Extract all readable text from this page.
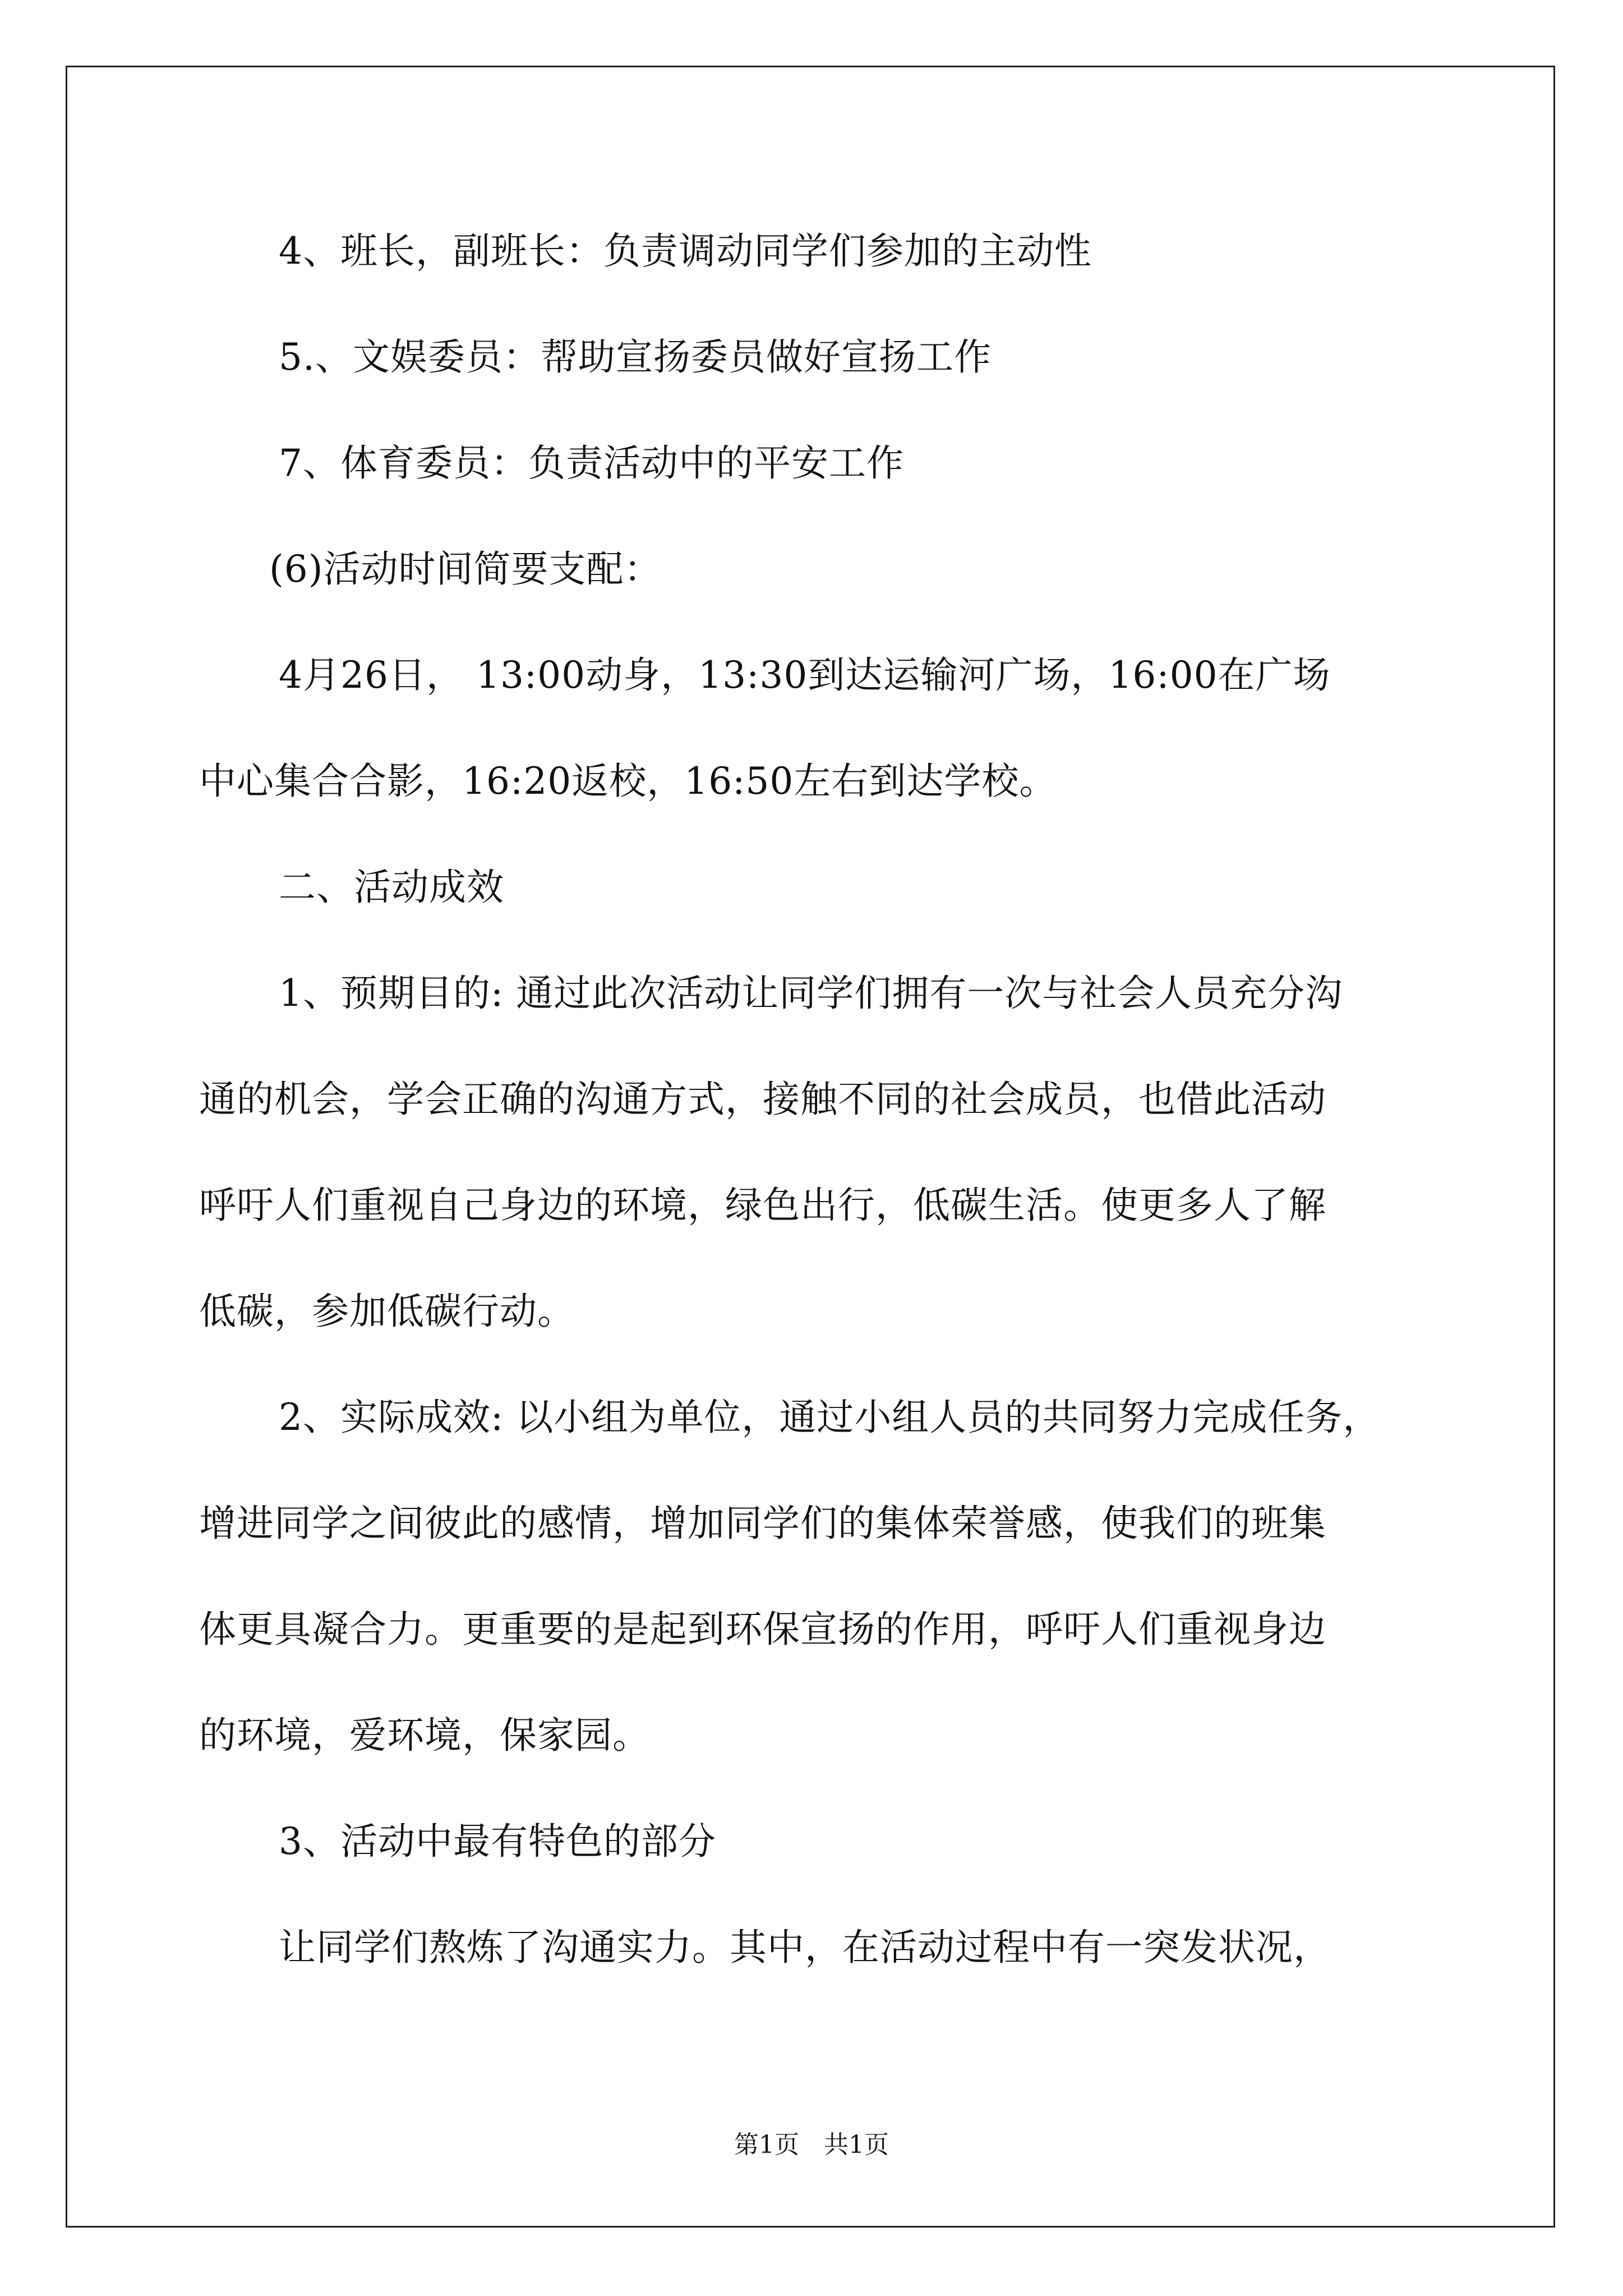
4、班长，副班长：负责调动同学们参加的主动性

5.、文娱委员：帮助宣扬委员做好宣扬工作

7、体育委员：负责活动中的平安工作

(6)活动时间简要支配：

4月26日， 13:00动身，13:30到达运输河广场，16:00在广场

中心集合合影，16:20返校，16:50左右到达学校。

二、活动成效

1、预期目的: 通过此次活动让同学们拥有一次与社会人员充分沟

通的机会，学会正确的沟通方式，接触不同的社会成员，也借此活动

呼吁人们重视自己身边的环境，绿色出行，低碳生活。使更多人了解

低碳，参加低碳行动。

2、实际成效: 以小组为单位，通过小组人员的共同努力完成任务，

增进同学之间彼此的感情，增加同学们的集体荣誉感，使我们的班集

体更具凝合力。更重要的是起到环保宣扬的作用，呼吁人们重视身边

的环境，爱环境，保家园。

3、活动中最有特色的部分

让同学们熬炼了沟通实力。其中，在活动过程中有一突发状况，

第1页　共1页
